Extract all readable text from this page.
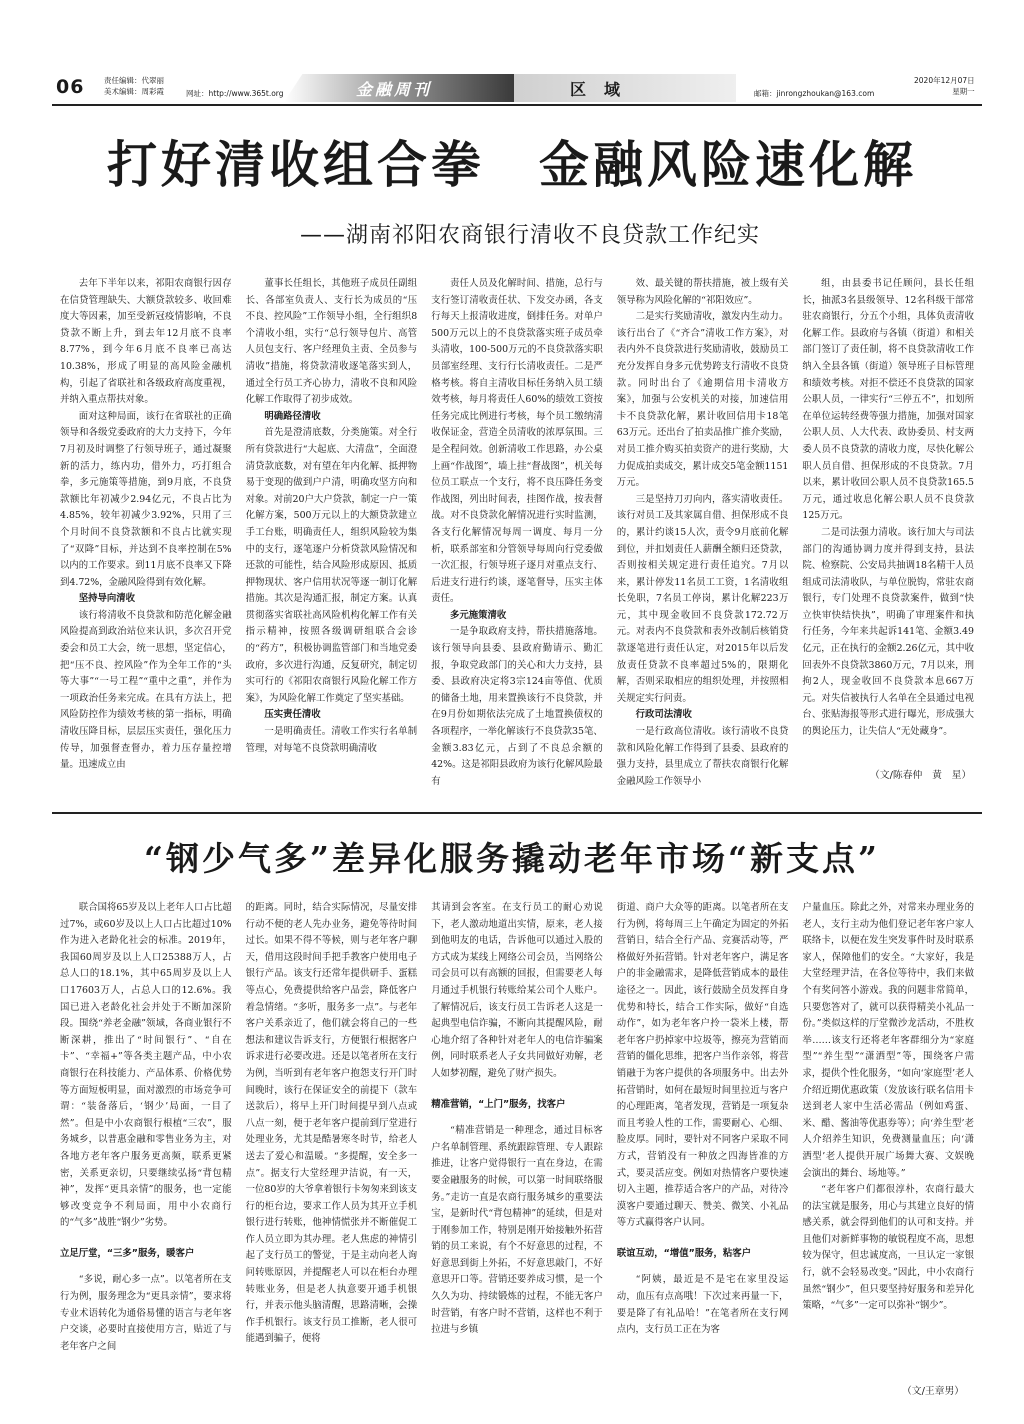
06	责任编辑：代翠丽
美术编辑：周彩霞	网址：http://www.365t.org	金融周刊	区域	邮箱：jinrongzhoukan@163.com
2020年12月07日
星期一
打好清收组合拳　金融风险速化解
——湖南祁阳农商银行清收不良贷款工作纪实

去年下半年以来，祁阳农商银行因存在信贷管理缺失、大额贷款较多、收回难度大等因素，加至受新冠疫情影响，不良贷款不断上升，到去年12月底不良率8.77%，到今年6月底不良率已高达10.38%，形成了明显的高风险金融机构，引起了省联社和各级政府高度重视，并纳入重点帮扶对象。

面对这种局面，该行在省联社的正确领导和各级党委政府的大力支持下，今年7月初及时调整了行领导班子，通过凝聚新的活力，练内功，借外力，巧打组合拳，多元施策等措施，到9月底，不良贷款额比年初减少2.94亿元，不良占比为4.85%，较年初减少3.92%，只用了三个月时间不良贷款额和不良占比就实现了“双降”目标，并达到不良率控制在5%以内的工作要求。到11月底不良率又下降到4.72%，金融风险得到有效化解。

坚持导向清收

该行将清收不良贷款和防范化解金融风险提高到政治站位来认识，多次召开党委会和员工大会，统一思想，坚定信心，把“压不良、控风险”作为全年工作的“头等大事”“一号工程”“重中之重”，并作为一项政治任务来完成。在具有方法上，把风险防控作为绩效考核的第一指标，明确清收压降目标，层层压实责任，强化压力传导，加强督查督办，着力压存量控增量。迅速成立由

董事长任组长，其他班子成员任副组长、各部室负责人、支行长为成员的“压不良、控风险”工作领导小组，全行组织8个清收小组，实行“总行领导包片、高管人员包支行、客户经理负主责、全员参与清收”措施，将贷款清收逐笔落实到人，通过全行员工齐心协力，清收不良和风险化解工作取得了初步成效。

明确路径清收

首先是澄清底数，分类施策。对全行所有贷款进行“大起底、大清盘”，全面澄清贷款底数，对有望在年内化解、抵押物易于变现的做到户户清，明确攻坚方向和对象。对前20户大户贷款，制定一户一策化解方案，500万元以上的大额贷款建立手工台账，明确责任人，组织风险较为集中的支行，逐笔逐户分析贷款风险情况和还款的可能性，结合风险形成原因、抵质押物现状、客户信用状况等逐一制订化解措施。其次是沟通汇报，制定方案。认真贯彻落实省联社高风险机构化解工作有关指示精神，按照各级调研组联合会诊的“药方”，积极协调监管部门和当地党委政府，多次进行沟通，反复研究，制定切实可行的《祁阳农商银行风险化解工作方案》，为风险化解工作奠定了坚实基础。

压实责任清收

一是明确责任。清收工作实行名单制管理，对每笔不良贷款明确清收

责任人员及化解时间、措施，总行与支行签订清收责任状、下发交办函，各支行每天上报清收进度，倒排任务。对单户500万元以上的不良贷款落实班子成员牵头清收，100-500万元的不良贷款落实职员部室经理、支行行长清收责任。二是严格考核。将自主清收目标任务纳入员工绩效考核，每月将责任人60%的绩效工资按任务完成比例进行考核，每个员工缴纳清收保证金，营造全员清收的浓厚氛围。三是全程问效。创新清收工作思路，办公桌上画“作战图”，墙上挂“督战图”，机关每位员工联点一个支行，将不良压降任务变作战图，列出时间表，挂图作战，按表督战。对不良贷款化解情况进行实时监测，各支行化解情况每周一调度、每月一分析，联系部室和分管领导每周向行党委做一次汇报，行领导班子逐月对重点支行、后进支行进行约谈，逐笔督导，压实主体责任。

多元施策清收

一是争取政府支持，帮扶措施落地。该行领导向县委、县政府勤请示、勤汇报，争取党政部门的关心和大力支持，县委、县政府决定将3宗124亩等值、优质的储备土地，用来置换该行不良贷款，并在9月份如期依法完成了土地置换债权的各项程序，一举化解该行不良贷款35笔、金额3.83亿元，占到了不良总余额的42%。这是祁阳县政府为该行化解风险最有

效、最关键的帮扶措施，被上级有关领导称为风险化解的“祁阳效应”。

二是实行奖励清收，激发内生动力。该行出台了《“齐合”清收工作方案》，对表内外不良贷款进行奖励清收，鼓励员工充分发挥自身多元优势跨支行清收不良贷款。同时出台了《逾期信用卡清收方案》，加强与公安机关的对接，加速信用卡不良贷款化解，累计收回信用卡18笔63万元。还出台了拍卖品推广推介奖励，对员工推介购买拍卖资产的进行奖励，大力促成拍卖成交，累计成交5笔金额1151万元。

三是坚持刀刃向内，落实清收责任。该行对员工及其家属自借、担保形成不良的，累计约谈15人次，责令9月底前化解到位，并扣划责任人薪酬全额归还贷款，否则按相关规定进行责任追究。7月以来，累计停发11名员工工资，1名清收组长免职，7名员工停岗，累计化解223万元，其中现金收回不良贷款172.72万元。对表内不良贷款和表外改制后核销贷款逐笔进行责任认定，对2015年以后发放责任贷款不良率超过5%的，限期化解，否则采取相应的组织处理，并按照相关规定实行问责。

行政司法清收

一是行政高位清收。该行清收不良贷款和风险化解工作得到了县委、县政府的强力支持，县里成立了帮扶农商银行化解金融风险工作领导小

组，由县委书记任顾问，县长任组长，抽派3名县级领导、12名科级干部常驻农商银行，分五个小组，具体负责清收化解工作。县政府与各镇（街道）和相关部门签订了责任制，将不良贷款清收工作纳入全县各镇（街道）领导班子目标管理和绩效考核。对拒不偿还不良贷款的国家公职人员，一律实行“三停五不”，扣划所在单位运转经费等强力措施，加强对国家公职人员、人大代表、政协委员、村支两委人员不良贷款的清收力度，尽快化解公职人员自借、担保形成的不良贷款。7月以来，累计收回公职人员不良贷款165.5万元，通过收息化解公职人员不良贷款125万元。

二是司法强力清收。该行加大与司法部门的沟通协调力度并得到支持，县法院、检察院、公安局共抽调18名精干人员组成司法清收队，与单位脱钩，常驻农商银行，专门处理不良贷款案件，做到“快立快审快结快执”，明确了审理案件和执行任务，今年来共起诉141笔、金额3.49亿元，正在执行的金额2.26亿元，其中收回表外不良贷款3860万元，7月以来，刑拘2人，现金收回不良贷款本息667万元。对失信被执行人名单在全县通过电视台、张贴海报等形式进行曝光，形成强大的舆论压力，让失信人“无处藏身”。

（文/陈春仲　黄　星）
“钢少气多”差异化服务撬动老年市场“新支点”

联合国将65岁及以上老年人口占比超过7%，或60岁及以上人口占比超过10%作为进入老龄化社会的标准。2019年，我国60周岁及以上人口25388万人，占总人口的18.1%，其中65周岁及以上人口17603万人，占总人口的12.6%。我国已进入老龄化社会并处于不断加深阶段。围绕“养老金融”领域，各商业银行不断深耕，推出了“时间银行”、“自在卡”、“幸福+”等各类主题产品，中小农商银行在科技能力、产品体系、价格优势等方面短板明显，面对激烈的市场竞争可谓：“装备落后，‘钢少’局面，一目了然”。但是中小农商银行根植“三农”，服务城乡，以普惠金融和零售业务为主，对各地方老年客户服务更高频，联系更紧密，关系更亲切，只要继续弘扬“背包精神”，发挥“更具亲情”的服务，也一定能够改变竞争不利局面，用中小农商行的“气多”战胜“钢少”劣势。

立足厅堂，“三多”服务，暖客户

“多说，耐心多一点”。以笔者所在支行为例，服务理念为“更具亲情”，要求将专业术语转化为通俗易懂的语言与老年客户交谈，必要时直接使用方言，贴近了与老年客户之间

的距离。同时，结合实际情况，尽量安排行动不便的老人先办业务，避免等待时间过长。如果不得不等候，则与老年客户聊天，借用这段时间手把手教客户使用电子银行产品。该支行还常年提供研手、蛋糕等点心，免费提供给客户品尝，降低客户着急情绪。“多听，服务多一点”。与老年客户关系亲近了，他们就会将自己的一些想法和建议告诉支行，方便银行根据客户诉求进行必要改进。还是以笔者所在支行为例，当听到有老年客户抱怨支行开门时间晚时，该行在保证安全的前提下（款车送款后），将早上开门时间提早到八点或八点一刻，便于老年客户提前到厅堂进行处理业务，尤其是酷暑寒冬时节，给老人送去了爱心和温暖。“多提醒，安全多一点”。据支行大堂经理尹洁说，有一天，一位80岁的大爷拿着银行卡匆匆来到该支行的柜台边，要求工作人员为其开立手机银行进行转账，他神情慌张并不断催促工作人员立即为其办理。老人焦虑的神情引起了支行员工的警觉，于是主动向老人询问转账原因，并提醒老人可以在柜台办理转账业务，但是老人执意要开通手机银行，并表示他头脑清醒，思路清晰，会操作手机银行。该支行员工推断，老人很可能遇到骗子，便将

其请到会客室。在支行员工的耐心劝说下，老人激动地道出实情，原来，老人接到他明友的电话，告诉他可以通过入股的方式成为某线上网络公司会员，当网络公司会员可以有高额的回报，但需要老人每月通过手机银行转账给某公司个人账户。了解情况后，该支行员工告诉老人这是一起典型电信诈骗，不断向其提醒风险，耐心地介绍了各种针对老年人的电信诈骗案例，同时联系老人子女共同做好劝解，老人如梦初醒，避免了财产损失。

精准营销，“上门”服务，找客户

“精准营销是一种理念，通过目标客户名单制管理、系统跟踪管理、专人跟踪推进，让客户觉得银行一直在身边，在需要金融服务的时候，可以第一时间联络服务。”走访一直是农商行服务城乡的重要法宝，是新时代“背包精神”的延续，但是对于刚参加工作，特别是刚开始接触外拓营销的员工来说，有个不好意思的过程，不好意思到街上外拓，不好意思敲门，不好意思开口等。营销还要养成习惯，是一个久久为功、持续锻炼的过程，不能无客户时营销，有客户时不营销，这样也不利于拉进与乡镇

街道、商户大众等的距离。以笔者所在支行为例，将每周三上午确定为固定的外拓营销日，结合全行产品、竞赛活动等，严格做好外拓营销。针对老年客户，满足客户的非金融需求，是降低营销成本的最佳途径之一。因此，该行鼓励全员发挥自身优势和特长，结合工作实际，做好“自选动作”，如为老年客户拎一袋米上楼，帮老年客户扔掉家中垃圾等，擦亮为营销而营销的僵化思维，把客户当作亲邻，将营销融于为客户提供的各项服务中。出去外拓营销时，如何在最短时间里拉近与客户的心理距离，笔者发现，营销是一项复杂而且考验人性的工作，需要耐心、心细、脸皮厚。同时，要针对不同客户采取不同方式，营销没有一种放之四海皆准的方式，要灵活应变。例如对热情客户要快速切入主题，推荐适合客户的产品，对待冷漠客户要通过聊天、赞美、微笑、小礼品等方式赢得客户认同。

联谊互动，“增值”服务，粘客户

“阿姨，最近是不是宅在家里没运动，血压有点高哦！下次过来再量一下，要是降了有礼品哈！”在笔者所在支行网点内，支行员工正在为客

户量血压。除此之外，对常来办理业务的老人，支行主动为他们登记老年客户家人联络卡，以便在发生突发事件时及时联系家人，保障他们的安全。“大家好，我是大堂经理尹洁，在各位等待中，我们来做个有奖问答小游戏。我的问题非常简单，只要您答对了，就可以获得精美小礼品一份。”类似这样的厅堂微沙龙活动，不胜枚举……该支行还将老年客群细分为“家庭型”“养生型”“潇洒型”等，围绕客户需求，提供个性化服务，“如向‘家庭型’老人介绍近期优惠政策（发放该行联名信用卡送到老人家中生活必需品（例如鸡蛋、米、醋、酱油等优惠券等）；向‘养生型’老人介绍养生知识，免费测量血压；向‘潇洒型’老人提供开展广场舞大赛、文娱晚会演出的舞台、场地等。”

“老年客户们都很淳朴，农商行最大的法宝就是服务，用心与其建立良好的情感关系，就会得到他们的认可和支持。并且他们对新鲜事物的敏锐程度不高，思想较为保守，但忠诚度高，一旦认定一家银行，就不会轻易改变。”因此，中小农商行虽然“钢少”，但只要坚持好服务和差异化策略，“气多”一定可以弥补“钢少”。

（文/王章男）
